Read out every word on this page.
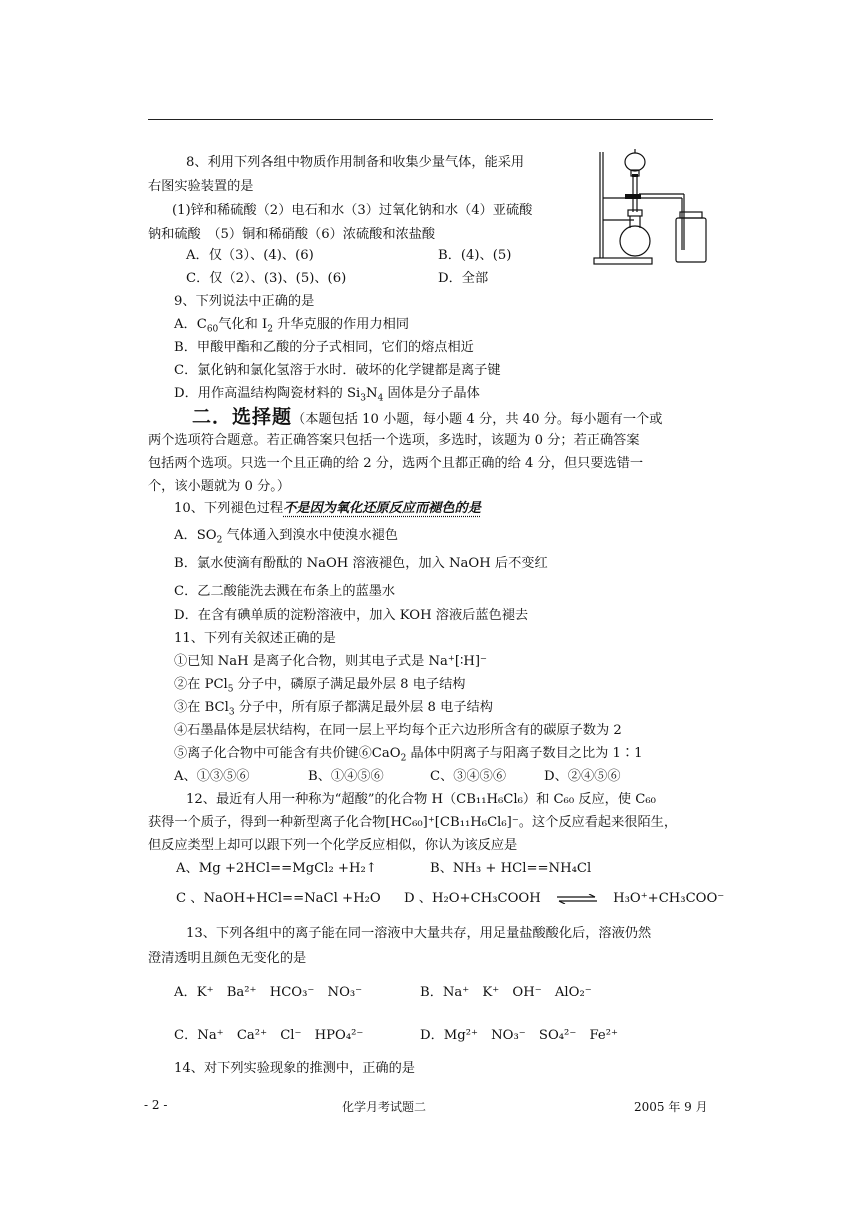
8、利用下列各组中物质作用制备和收集少量气体，能采用
右图实验装置的是
(1)锌和稀硫酸（2）电石和水（3）过氧化钠和水（4）亚硫酸
钠和硫酸　（5）铜和稀硝酸（6）浓硫酸和浓盐酸
A．仅（3）、(4)、(6)	B．(4)、(5)
C．仅（2）、(3)、(5)、(6)	D．全部
9、下列说法中正确的是
A．$C_{60}$气化和 $I_2$ 升华克服的作用力相同
B．甲酸甲酯和乙酸的分子式相同，它们的熔点相近
C．氯化钠和氯化氢溶于水时．破坏的化学键都是离子键
D．用作高温结构陶瓷材料的 $Si_3N_4$ 固体是分子晶体
二．选择题（本题包括 10 小题，每小题 4 分，共 40 分。每小题有一个或
两个选项符合题意。若正确答案只包括一个选项，多选时，该题为 0 分；若正确答案
包括两个选项。只选一个且正确的给 2 分，选两个且都正确的给 4 分，但只要选错一
个，该小题就为 0 分。）
10、下列褪色过程不是因为氧化还原反应而褪色的是
A．$SO_2$ 气体通入到溴水中使溴水褪色
B．氯水使滴有酚酞的 NaOH 溶液褪色，加入 NaOH 后不变红
C．乙二酸能洗去溅在布条上的蓝墨水
D．在含有碘单质的淀粉溶液中，加入 KOH 溶液后蓝色褪去
11、下列有关叙述正确的是
①已知 NaH 是离子化合物，则其电子式是 Na⁺[∶H]⁻
②在 PCl$_5$ 分子中，磷原子满足最外层 8 电子结构
③在 BCl$_3$ 分子中，所有原子都满足最外层 8 电子结构
④石墨晶体是层状结构，在同一层上平均每个正六边形所含有的碳原子数为 2
⑤离子化合物中可能含有共价键⑥CaO$_2$ 晶体中阴离子与阳离子数目之比为 1∶1
A、①③⑤⑥	B、①④⑤⑥	C、③④⑤⑥	D、②④⑤⑥
12、最近有人用一种称为“超酸”的化合物 H（CB₁₁H₆Cl₆）和 C₆₀ 反应，使 C₆₀
获得一个质子，得到一种新型离子化合物[HC₆₀]⁺[CB₁₁H₆Cl₆]⁻。这个反应看起来很陌生，
但反应类型上却可以跟下列一个化学反应相似，你认为该反应是
A、Mg +2HCl==MgCl₂ +H₂↑	B、NH₃ + HCl==NH₄Cl
C 、NaOH+HCl==NaCl +H₂O D 、H₂O+CH₃COOH ⇌ H₃O⁺+CH₃COO⁻
13、下列各组中的离子能在同一溶液中大量共存，用足量盐酸酸化后，溶液仍然
澄清透明且颜色无变化的是
A．K⁺　Ba²⁺　HCO₃⁻　NO₃⁻	B．Na⁺　K⁺　OH⁻　AlO₂⁻
C．Na⁺　Ca²⁺　Cl⁻　HPO₄²⁻	D．Mg²⁺　NO₃⁻　SO₄²⁻　Fe²⁺
14、对下列实验现象的推测中，正确的是
- 2 -	化学月考试题二	2005 年 9 月
